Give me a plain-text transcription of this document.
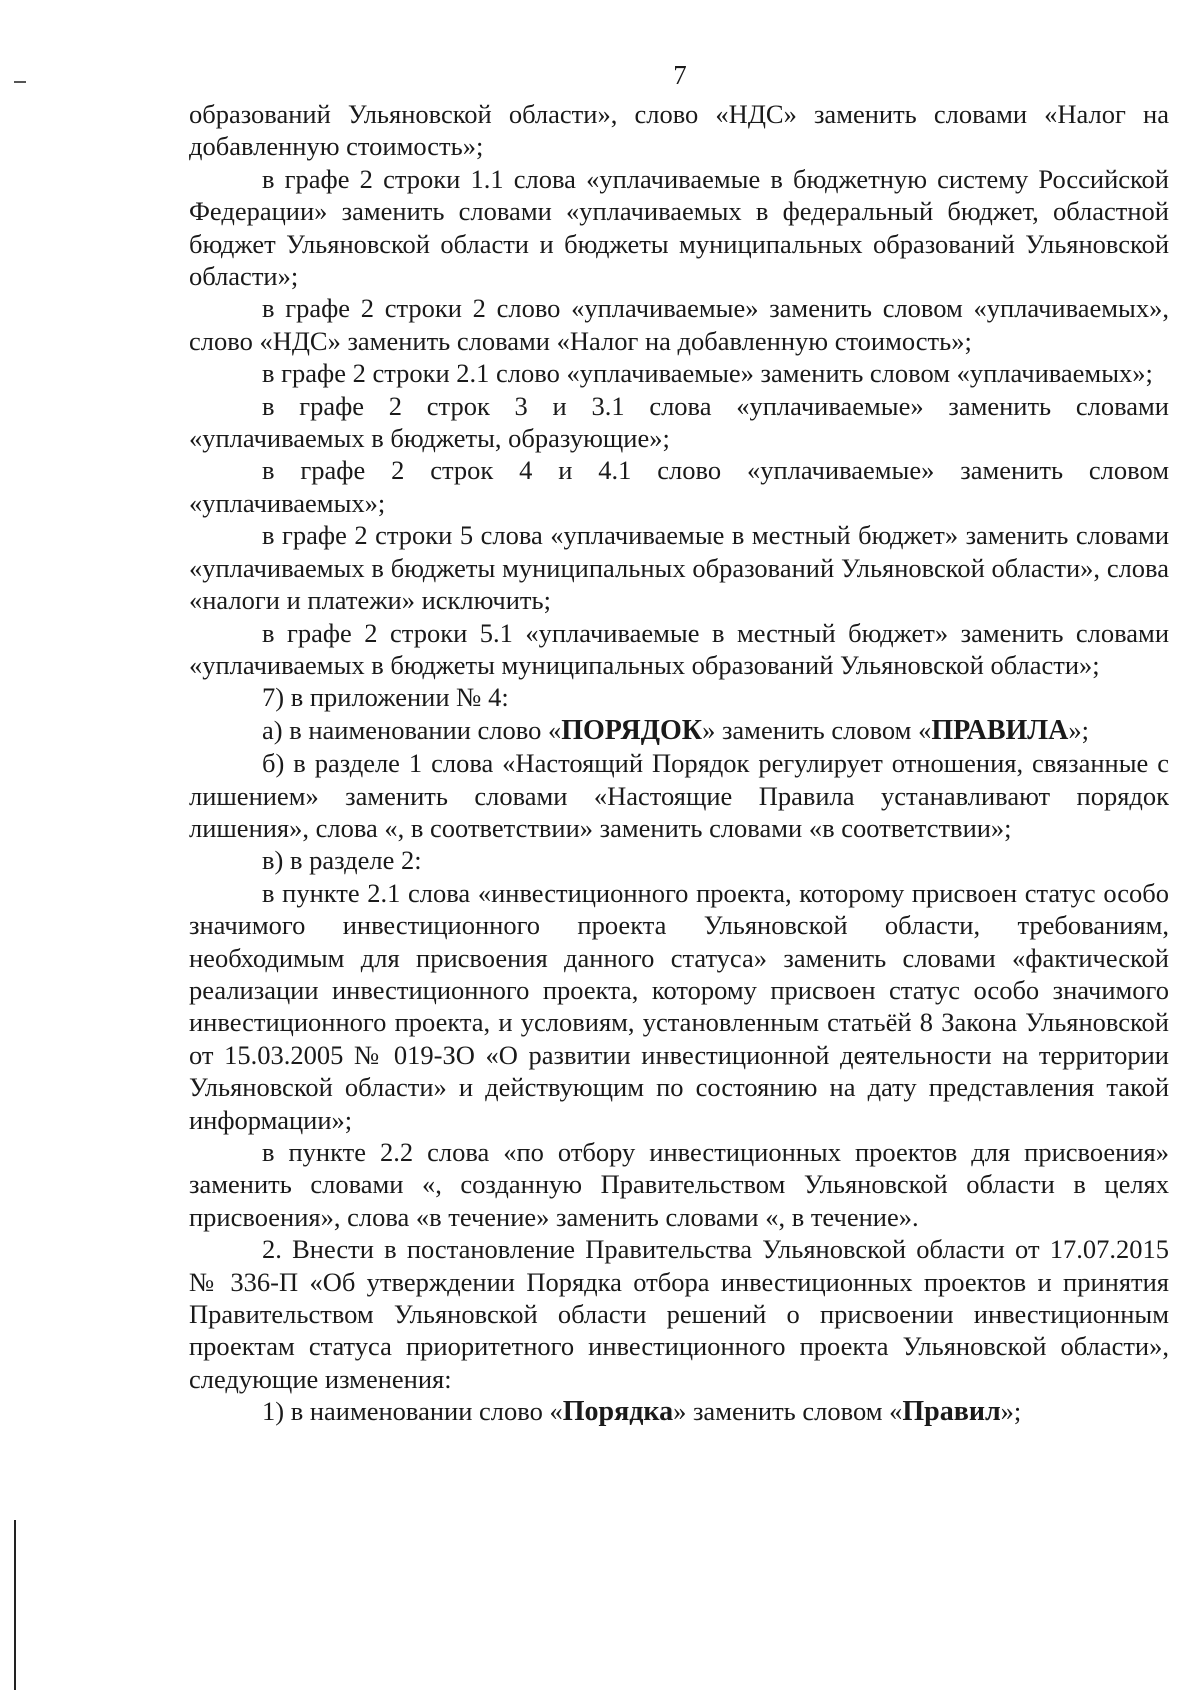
7

образований Ульяновской области», слово «НДС» заменить словами «Налог на добавленную стоимость»;

в графе 2 строки 1.1 слова «уплачиваемые в бюджетную систему Российской Федерации» заменить словами «уплачиваемых в федеральный бюджет, областной бюджет Ульяновской области и бюджеты муниципальных образований Ульяновской области»;

в графе 2 строки 2 слово «уплачиваемые» заменить словом «уплачиваемых», слово «НДС» заменить словами «Налог на добавленную стоимость»;

в графе 2 строки 2.1 слово «уплачиваемые» заменить словом «уплачиваемых»;

в графе 2 строк 3 и 3.1 слова «уплачиваемые» заменить словами «уплачиваемых в бюджеты, образующие»;

в графе 2 строк 4 и 4.1 слово «уплачиваемые» заменить словом «уплачиваемых»;

в графе 2 строки 5 слова «уплачиваемые в местный бюджет» заменить словами «уплачиваемых в бюджеты муниципальных образований Ульяновской области», слова «налоги и платежи» исключить;

в графе 2 строки 5.1 «уплачиваемые в местный бюджет» заменить словами «уплачиваемых в бюджеты муниципальных образований Ульяновской области»;

7) в приложении № 4:

а) в наименовании слово «ПОРЯДОК» заменить словом «ПРАВИЛА»;

б) в разделе 1 слова «Настоящий Порядок регулирует отношения, связанные с лишением» заменить словами «Настоящие Правила устанавливают порядок лишения», слова «, в соответствии» заменить словами «в соответствии»;

в) в разделе 2:

в пункте 2.1 слова «инвестиционного проекта, которому присвоен статус особо значимого инвестиционного проекта Ульяновской области, требованиям, необходимым для присвоения данного статуса» заменить словами «фактической реализации инвестиционного проекта, которому присвоен статус особо значимого инвестиционного проекта, и условиям, установленным статьёй 8 Закона Ульяновской от 15.03.2005 № 019-ЗО «О развитии инвестиционной деятельности на территории Ульяновской области» и действующим по состоянию на дату представления такой информации»;

в пункте 2.2 слова «по отбору инвестиционных проектов для присвоения» заменить словами «, созданную Правительством Ульяновской области в целях присвоения», слова «в течение» заменить словами «, в течение».

2. Внести в постановление Правительства Ульяновской области от 17.07.2015 № 336-П «Об утверждении Порядка отбора инвестиционных проектов и принятия Правительством Ульяновской области решений о присвоении инвестиционным проектам статуса приоритетного инвестиционного проекта Ульяновской области», следующие изменения:

1) в наименовании слово «Порядка» заменить словом «Правил»;
